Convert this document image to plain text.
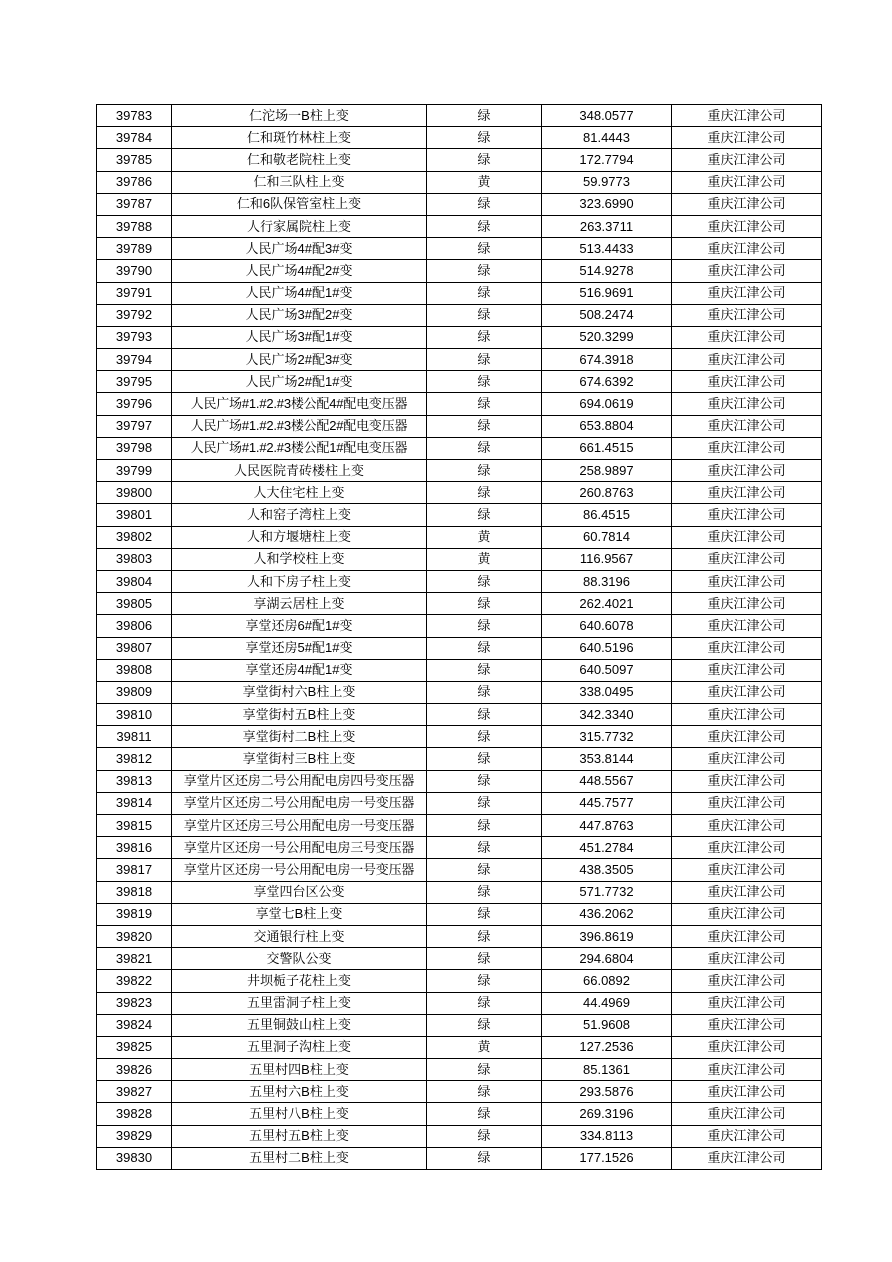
39783	仁沱场一B柱上变	绿	348.0577	重庆江津公司
39784	仁和斑竹林柱上变	绿	81.4443	重庆江津公司
39785	仁和敬老院柱上变	绿	172.7794	重庆江津公司
39786	仁和三队柱上变	黄	59.9773	重庆江津公司
39787	仁和6队保管室柱上变	绿	323.6990	重庆江津公司
39788	人行家属院柱上变	绿	263.3711	重庆江津公司
39789	人民广场4#配3#变	绿	513.4433	重庆江津公司
39790	人民广场4#配2#变	绿	514.9278	重庆江津公司
39791	人民广场4#配1#变	绿	516.9691	重庆江津公司
39792	人民广场3#配2#变	绿	508.2474	重庆江津公司
39793	人民广场3#配1#变	绿	520.3299	重庆江津公司
39794	人民广场2#配3#变	绿	674.3918	重庆江津公司
39795	人民广场2#配1#变	绿	674.6392	重庆江津公司
39796	人民广场#1.#2.#3楼公配4#配电变压器	绿	694.0619	重庆江津公司
39797	人民广场#1.#2.#3楼公配2#配电变压器	绿	653.8804	重庆江津公司
39798	人民广场#1.#2.#3楼公配1#配电变压器	绿	661.4515	重庆江津公司
39799	人民医院青砖楼柱上变	绿	258.9897	重庆江津公司
39800	人大住宅柱上变	绿	260.8763	重庆江津公司
39801	人和窑子湾柱上变	绿	86.4515	重庆江津公司
39802	人和方堰塘柱上变	黄	60.7814	重庆江津公司
39803	人和学校柱上变	黄	116.9567	重庆江津公司
39804	人和下房子柱上变	绿	88.3196	重庆江津公司
39805	享湖云居柱上变	绿	262.4021	重庆江津公司
39806	享堂还房6#配1#变	绿	640.6078	重庆江津公司
39807	享堂还房5#配1#变	绿	640.5196	重庆江津公司
39808	享堂还房4#配1#变	绿	640.5097	重庆江津公司
39809	享堂街村六B柱上变	绿	338.0495	重庆江津公司
39810	享堂街村五B柱上变	绿	342.3340	重庆江津公司
39811	享堂街村二B柱上变	绿	315.7732	重庆江津公司
39812	享堂街村三B柱上变	绿	353.8144	重庆江津公司
39813	享堂片区还房二号公用配电房四号变压器	绿	448.5567	重庆江津公司
39814	享堂片区还房二号公用配电房一号变压器	绿	445.7577	重庆江津公司
39815	享堂片区还房三号公用配电房一号变压器	绿	447.8763	重庆江津公司
39816	享堂片区还房一号公用配电房三号变压器	绿	451.2784	重庆江津公司
39817	享堂片区还房一号公用配电房一号变压器	绿	438.3505	重庆江津公司
39818	享堂四台区公变	绿	571.7732	重庆江津公司
39819	享堂七B柱上变	绿	436.2062	重庆江津公司
39820	交通银行柱上变	绿	396.8619	重庆江津公司
39821	交警队公变	绿	294.6804	重庆江津公司
39822	井坝栀子花柱上变	绿	66.0892	重庆江津公司
39823	五里雷洞子柱上变	绿	44.4969	重庆江津公司
39824	五里铜鼓山柱上变	绿	51.9608	重庆江津公司
39825	五里洞子沟柱上变	黄	127.2536	重庆江津公司
39826	五里村四B柱上变	绿	85.1361	重庆江津公司
39827	五里村六B柱上变	绿	293.5876	重庆江津公司
39828	五里村八B柱上变	绿	269.3196	重庆江津公司
39829	五里村五B柱上变	绿	334.8113	重庆江津公司
39830	五里村二B柱上变	绿	177.1526	重庆江津公司
